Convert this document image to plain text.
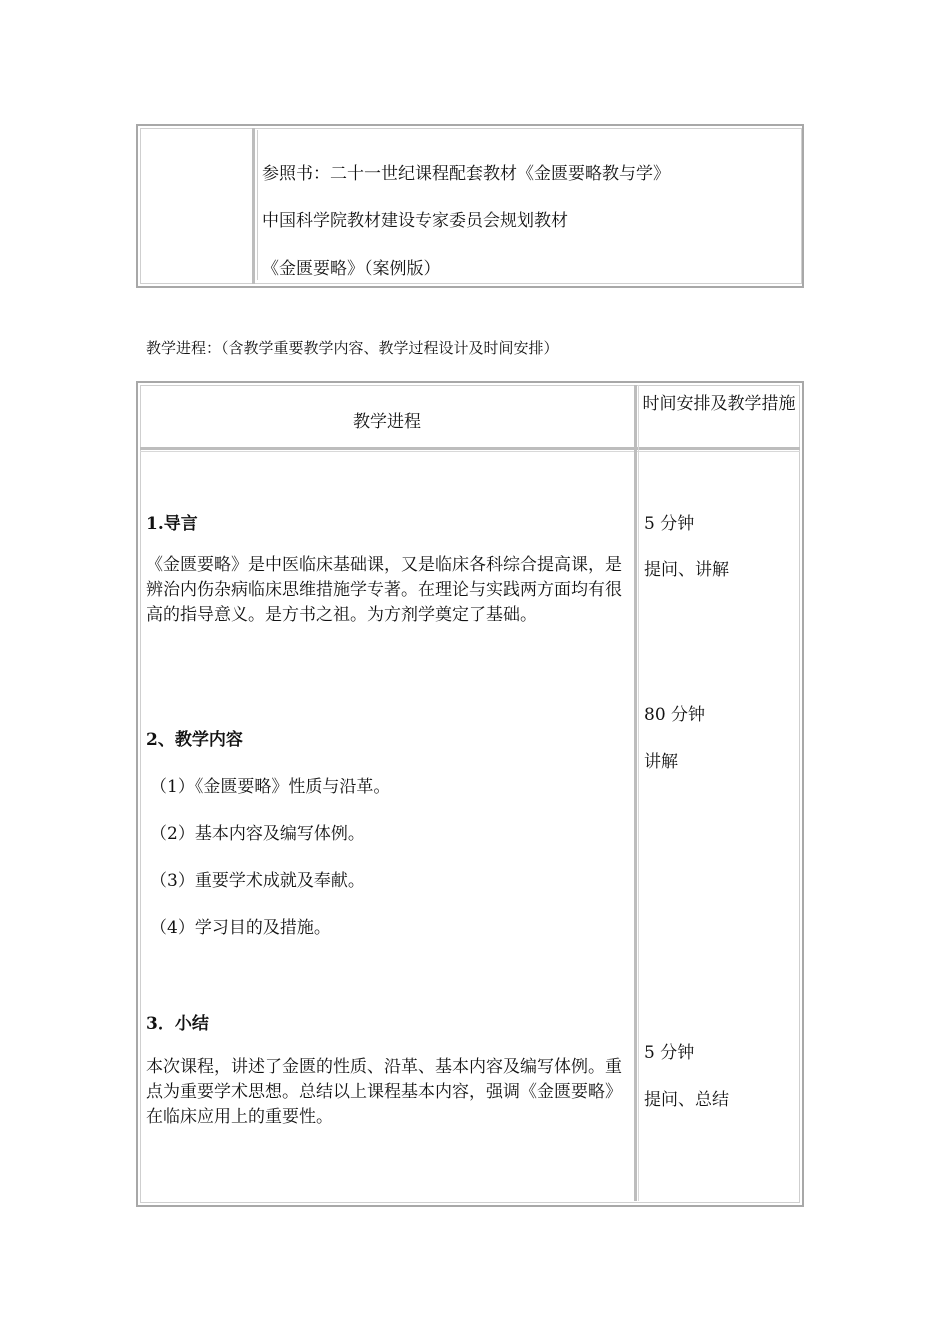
参照书：二十一世纪课程配套教材《金匮要略教与学》
中国科学院教材建设专家委员会规划教材
《金匮要略》（案例版）
教学进程：（含教学重要教学内容、教学过程设计及时间安排）
教学进程
时间安排及教学措施
1.导言
《金匮要略》是中医临床基础课，又是临床各科综合提高课，是辨治内伤杂病临床思维措施学专著。在理论与实践两方面均有很高的指导意义。是方书之祖。为方剂学奠定了基础。
5 分钟
提问、讲解
2、教学内容
（1）《金匮要略》性质与沿革。
（2）基本内容及编写体例。
（3）重要学术成就及奉献。
（4）学习目的及措施。
80 分钟
讲解
3．小结
本次课程，讲述了金匮的性质、沿革、基本内容及编写体例。重点为重要学术思想。总结以上课程基本内容，强调《金匮要略》在临床应用上的重要性。
5 分钟
提问、总结
